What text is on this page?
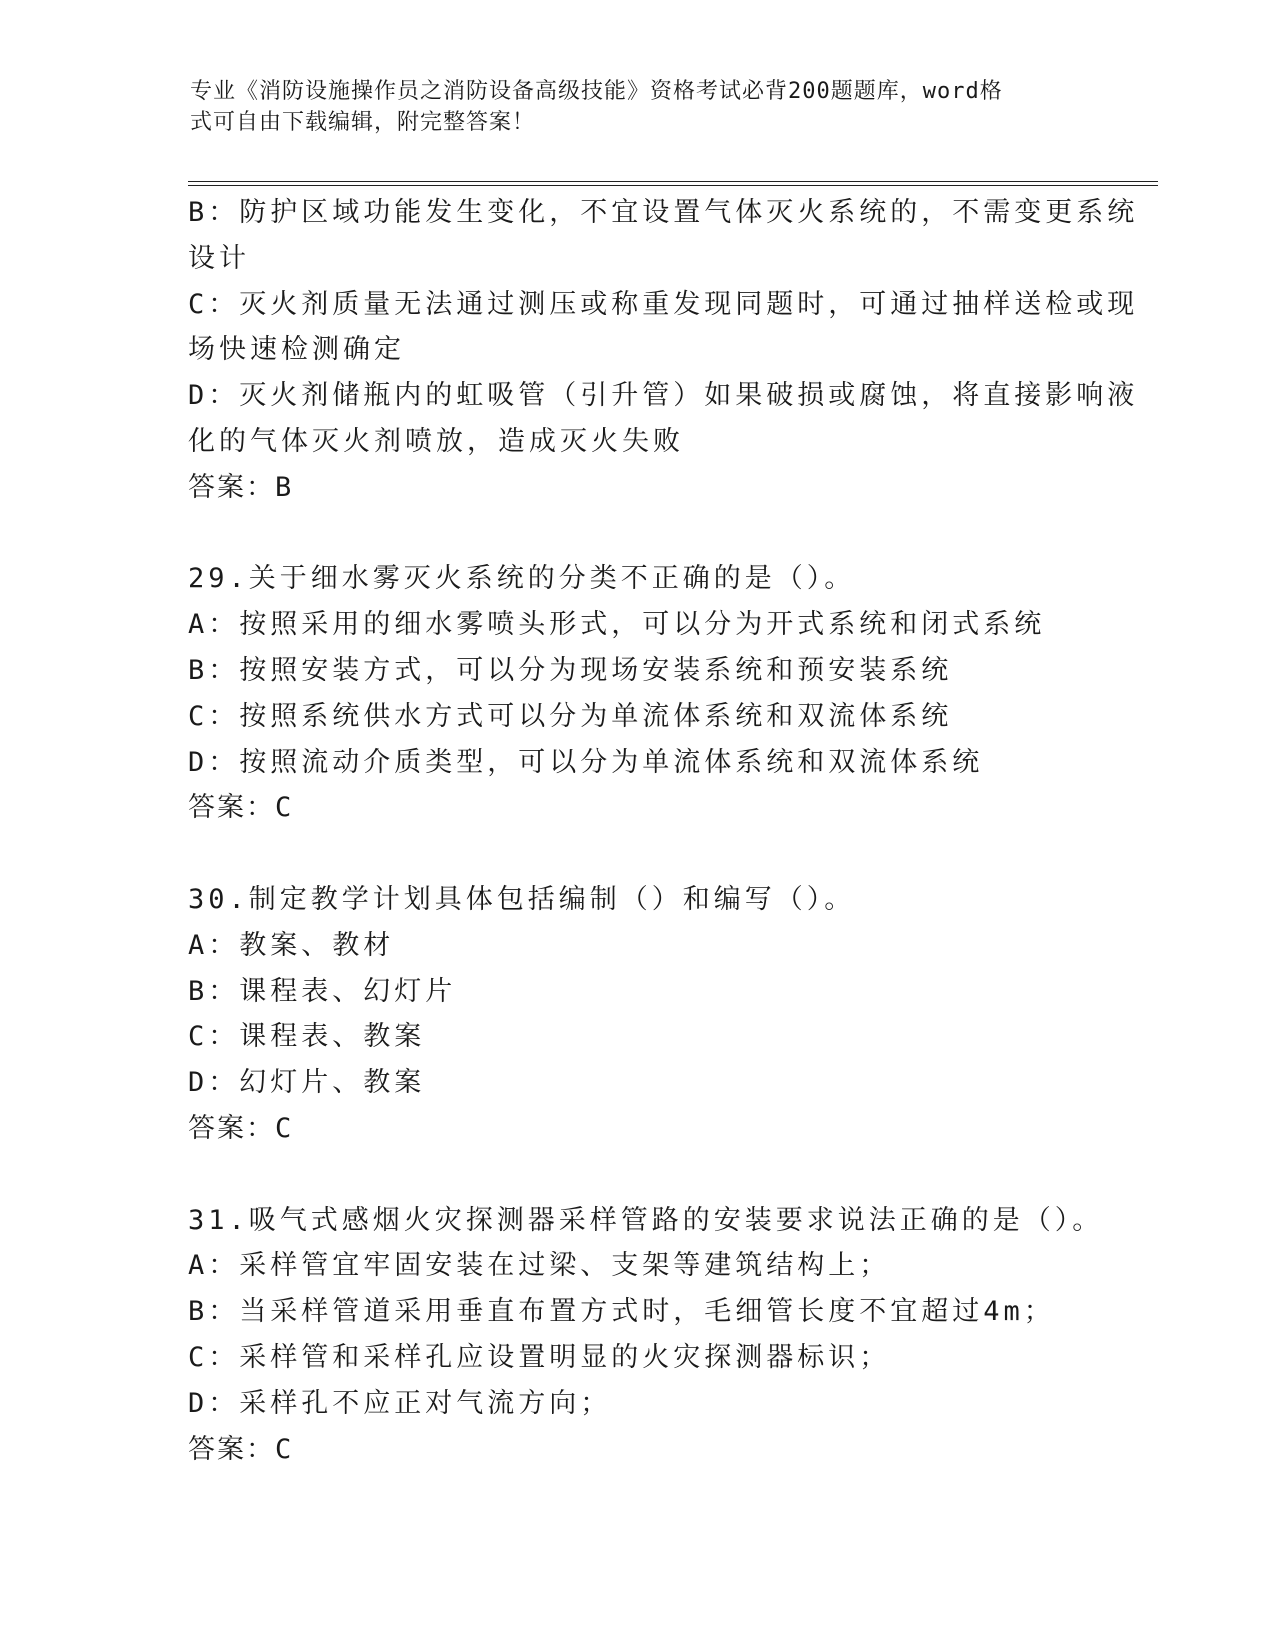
专业《消防设施操作员之消防设备高级技能》资格考试必背200题题库，word格
式可自由下载编辑，附完整答案！
B：防护区域功能发生变化，不宜设置气体灭火系统的，不需变更系统
设计
C：灭火剂质量无法通过测压或称重发现同题时，可通过抽样送检或现
场快速检测确定
D：灭火剂储瓶内的虹吸管（引升管）如果破损或腐蚀，将直接影响液
化的气体灭火剂喷放，造成灭火失败
答案：B
29.关于细水雾灭火系统的分类不正确的是（）。
A：按照采用的细水雾喷头形式，可以分为开式系统和闭式系统
B：按照安装方式，可以分为现场安装系统和预安装系统
C：按照系统供水方式可以分为单流体系统和双流体系统
D：按照流动介质类型，可以分为单流体系统和双流体系统
答案：C
30.制定教学计划具体包括编制（）和编写（）。
A：教案、教材
B：课程表、幻灯片
C：课程表、教案
D：幻灯片、教案
答案：C
31.吸气式感烟火灾探测器采样管路的安装要求说法正确的是（）。
A：采样管宜牢固安装在过梁、支架等建筑结构上；
B：当采样管道采用垂直布置方式时，毛细管长度不宜超过4m；
C：采样管和采样孔应设置明显的火灾探测器标识；
D：采样孔不应正对气流方向；
答案：C
